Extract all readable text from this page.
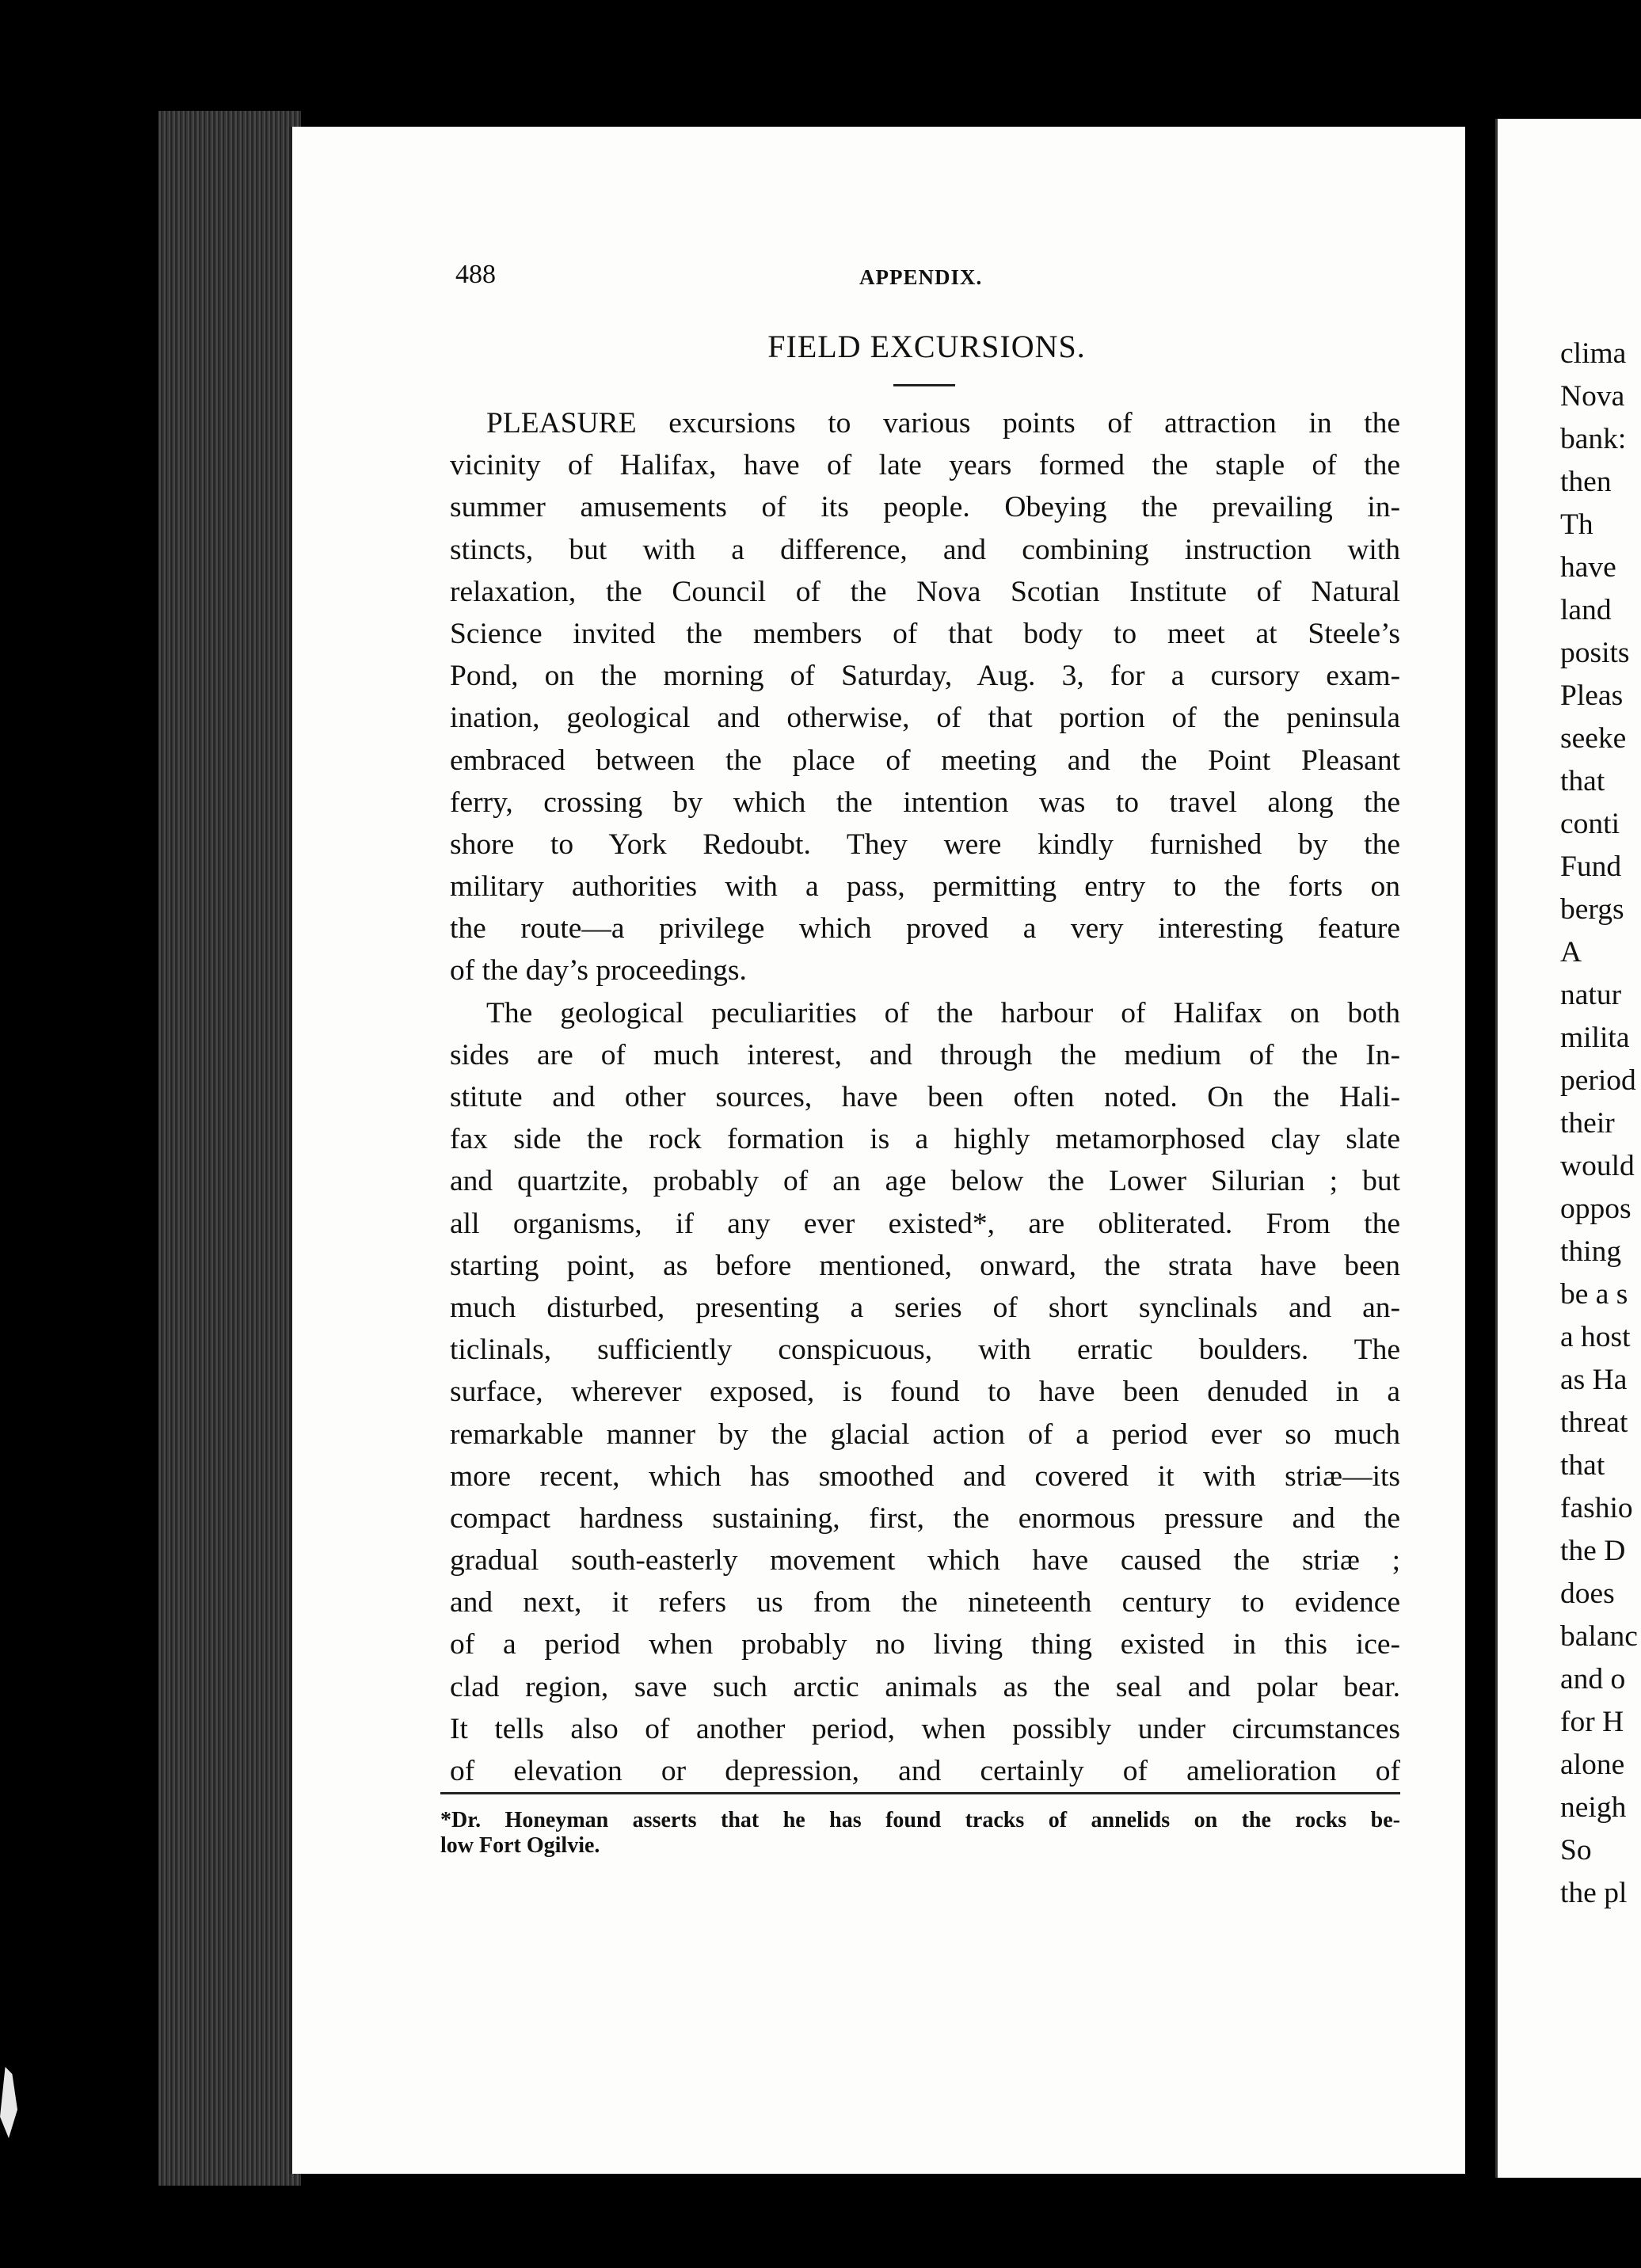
488	APPENDIX.
FIELD EXCURSIONS.
PLEASURE excursions to various points of attraction in the
vicinity of Halifax, have of late years formed the staple of the
summer amusements of its people. Obeying the prevailing in-
stincts, but with a difference, and combining instruction with
relaxation, the Council of the Nova Scotian Institute of Natural
Science invited the members of that body to meet at Steele’s
Pond, on the morning of Saturday, Aug. 3, for a cursory exam-
ination, geological and otherwise, of that portion of the peninsula
embraced between the place of meeting and the Point Pleasant
ferry, crossing by which the intention was to travel along the
shore to York Redoubt. They were kindly furnished by the
military authorities with a pass, permitting entry to the forts on
the route—a privilege which proved a very interesting feature
of the day’s proceedings.
The geological peculiarities of the harbour of Halifax on both
sides are of much interest, and through the medium of the In-
stitute and other sources, have been often noted. On the Hali-
fax side the rock formation is a highly metamorphosed clay slate
and quartzite, probably of an age below the Lower Silurian ; but
all organisms, if any ever existed*, are obliterated. From the
starting point, as before mentioned, onward, the strata have been
much disturbed, presenting a series of short synclinals and an-
ticlinals, sufficiently conspicuous, with erratic boulders. The
surface, wherever exposed, is found to have been denuded in a
remarkable manner by the glacial action of a period ever so much
more recent, which has smoothed and covered it with striæ—its
compact hardness sustaining, first, the enormous pressure and the
gradual south-easterly movement which have caused the striæ ;
and next, it refers us from the nineteenth century to evidence
of a period when probably no living thing existed in this ice-
clad region, save such arctic animals as the seal and polar bear.
It tells also of another period, when possibly under circumstances
of elevation or depression, and certainly of amelioration of
*Dr. Honeyman asserts that he has found tracks of annelids on the rocks be-
low Fort Ogilvie.
clima
Nova
bank:
then
Th
have
land
posits
Pleas
seeke
that
conti
Fund
bergs
A
natur
milita
period
their
would
oppos
thing
be a s
a host
as Ha
threat
that
fashio
the D
does
balanc
and o
for H
alone
neigh
So
the pl
